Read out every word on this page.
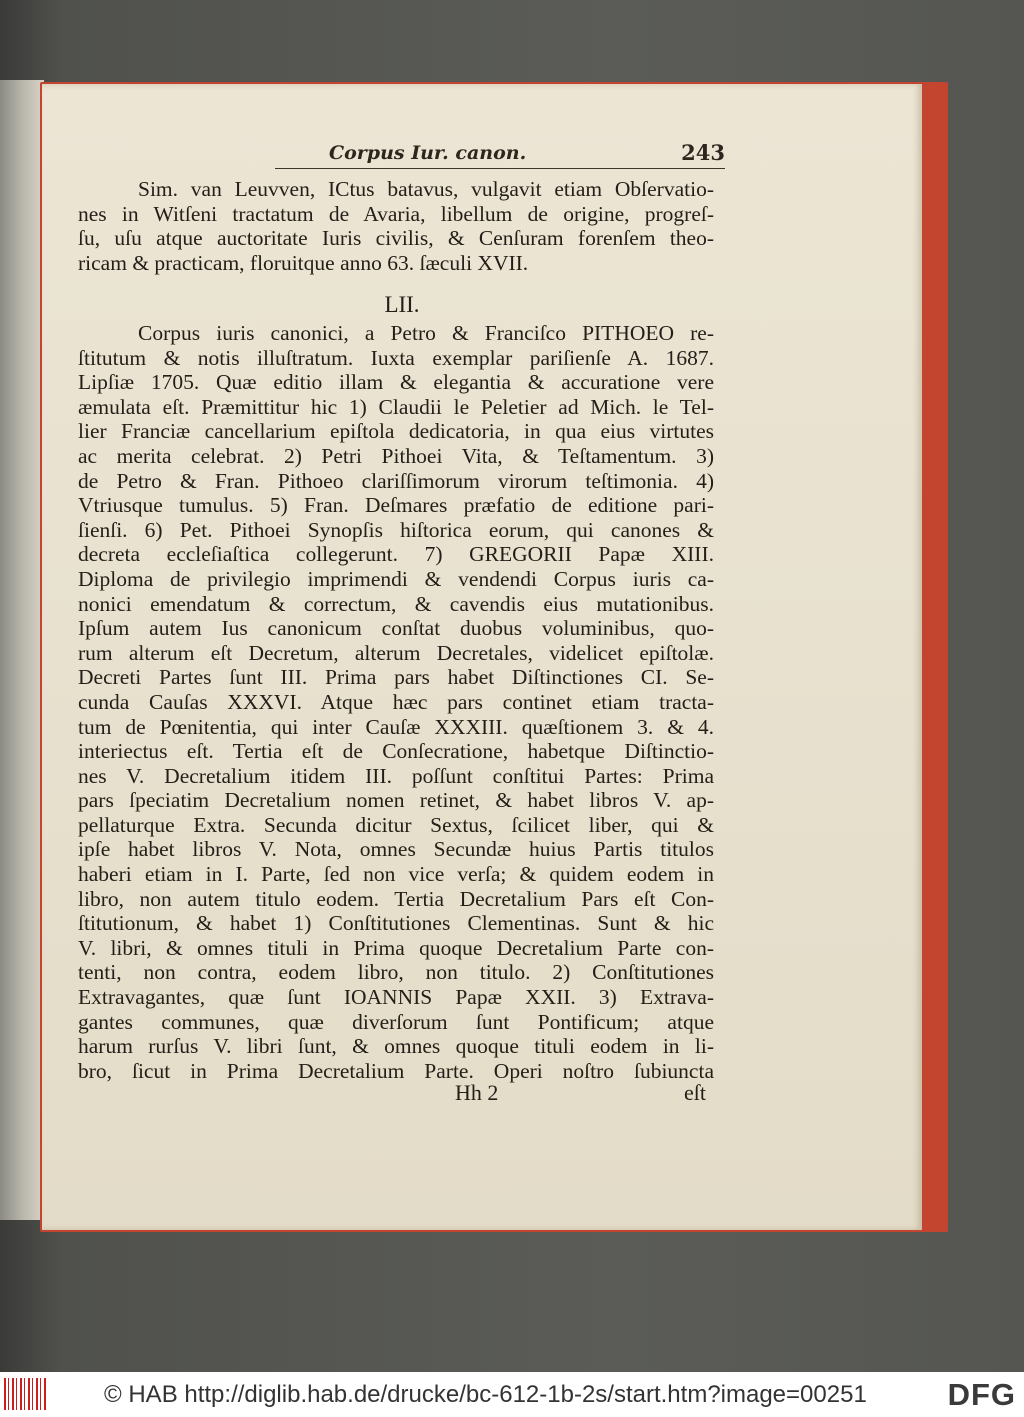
Corpus Iur. canon.	243
Sim. van Leuvven, ICtus batavus, vulgavit etiam Obſervatio-
nes in Witſeni tractatum de Avaria, libellum de origine, progreſ-
ſu, uſu atque auctoritate Iuris civilis, & Cenſuram forenſem theo-
ricam & practicam, floruitque anno 63. ſæculi XVII.
LII.
Corpus iuris canonici, a Petro & Franciſco PITHOEO re-
ſtitutum & notis illuſtratum. Iuxta exemplar pariſienſe A. 1687.
Lipſiæ 1705. Quæ editio illam & elegantia & accuratione vere
æmulata eſt. Præmittitur hic 1) Claudii le Peletier ad Mich. le Tel-
lier Franciæ cancellarium epiſtola dedicatoria, in qua eius virtutes
ac merita celebrat. 2) Petri Pithoei Vita, & Teſtamentum. 3)
de Petro & Fran. Pithoeo clariſſimorum virorum teſtimonia. 4)
Vtriusque tumulus. 5) Fran. Deſmares præfatio de editione pari-
ſienſi. 6) Pet. Pithoei Synopſis hiſtorica eorum, qui canones &
decreta eccleſiaſtica collegerunt. 7) GREGORII Papæ XIII.
Diploma de privilegio imprimendi & vendendi Corpus iuris ca-
nonici emendatum & correctum, & cavendis eius mutationibus.
Ipſum autem Ius canonicum conſtat duobus voluminibus, quo-
rum alterum eſt Decretum, alterum Decretales, videlicet epiſtolæ.
Decreti Partes ſunt III. Prima pars habet Diſtinctiones CI. Se-
cunda Cauſas XXXVI. Atque hæc pars continet etiam tracta-
tum de Pœnitentia, qui inter Cauſæ XXXIII. quæſtionem 3. & 4.
interiectus eſt. Tertia eſt de Conſecratione, habetque Diſtinctio-
nes V. Decretalium itidem III. poſſunt conſtitui Partes: Prima
pars ſpeciatim Decretalium nomen retinet, & habet libros V. ap-
pellaturque Extra. Secunda dicitur Sextus, ſcilicet liber, qui &
ipſe habet libros V. Nota, omnes Secundæ huius Partis titulos
haberi etiam in I. Parte, ſed non vice verſa; & quidem eodem in
libro, non autem titulo eodem. Tertia Decretalium Pars eſt Con-
ſtitutionum, & habet 1) Conſtitutiones Clementinas. Sunt & hic
V. libri, & omnes tituli in Prima quoque Decretalium Parte con-
tenti, non contra, eodem libro, non titulo. 2) Conſtitutiones
Extravagantes, quæ ſunt IOANNIS Papæ XXII. 3) Extrava-
gantes communes, quæ diverſorum ſunt Pontificum; atque
harum rurſus V. libri ſunt, & omnes quoque tituli eodem in li-
bro, ſicut in Prima Decretalium Parte. Operi noſtro ſubiuncta
Hh 2	eſt
© HAB http://diglib.hab.de/drucke/bc-612-1b-2s/start.htm?image=00251	DFG
